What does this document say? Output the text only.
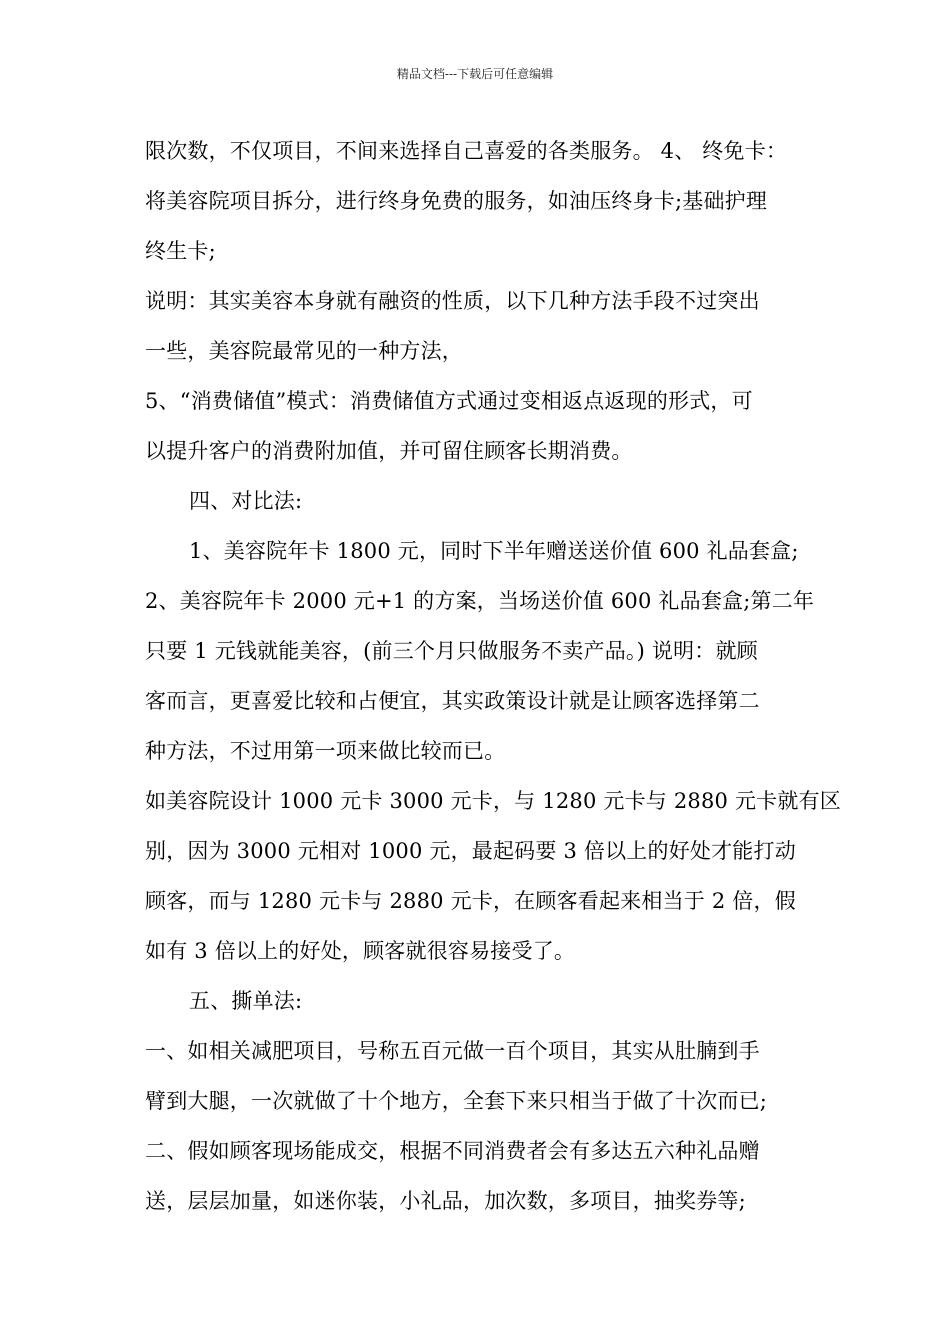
精品文档---下载后可任意编辑
限次数，不仅项目，不间来选择自己喜爱的各类服务。 4、 终免卡：
将美容院项目拆分，进行终身免费的服务，如油压终身卡;基础护理
终生卡;
说明：其实美容本身就有融资的性质，以下几种方法手段不过突出
一些，美容院最常见的一种方法，
5、“消费储值”模式：消费储值方式通过变相返点返现的形式，可
以提升客户的消费附加值，并可留住顾客长期消费。
四、对比法:
1、美容院年卡 1800 元，同时下半年赠送送价值 600 礼品套盒;
2、美容院年卡 2000 元+1 的方案，当场送价值 600 礼品套盒;第二年
只要 1 元钱就能美容，(前三个月只做服务不卖产品。) 说明：就顾
客而言，更喜爱比较和占便宜，其实政策设计就是让顾客选择第二
种方法，不过用第一项来做比较而已。
如美容院设计 1000 元卡 3000 元卡，与 1280 元卡与 2880 元卡就有区
别，因为 3000 元相对 1000 元，最起码要 3 倍以上的好处才能打动
顾客，而与 1280 元卡与 2880 元卡，在顾客看起来相当于 2 倍，假
如有 3 倍以上的好处，顾客就很容易接受了。
五、撕单法:
一、如相关减肥项目，号称五百元做一百个项目，其实从肚腩到手
臂到大腿，一次就做了十个地方，全套下来只相当于做了十次而已;
二、假如顾客现场能成交，根据不同消费者会有多达五六种礼品赠
送，层层加量，如迷你装，小礼品，加次数，多项目，抽奖券等;
